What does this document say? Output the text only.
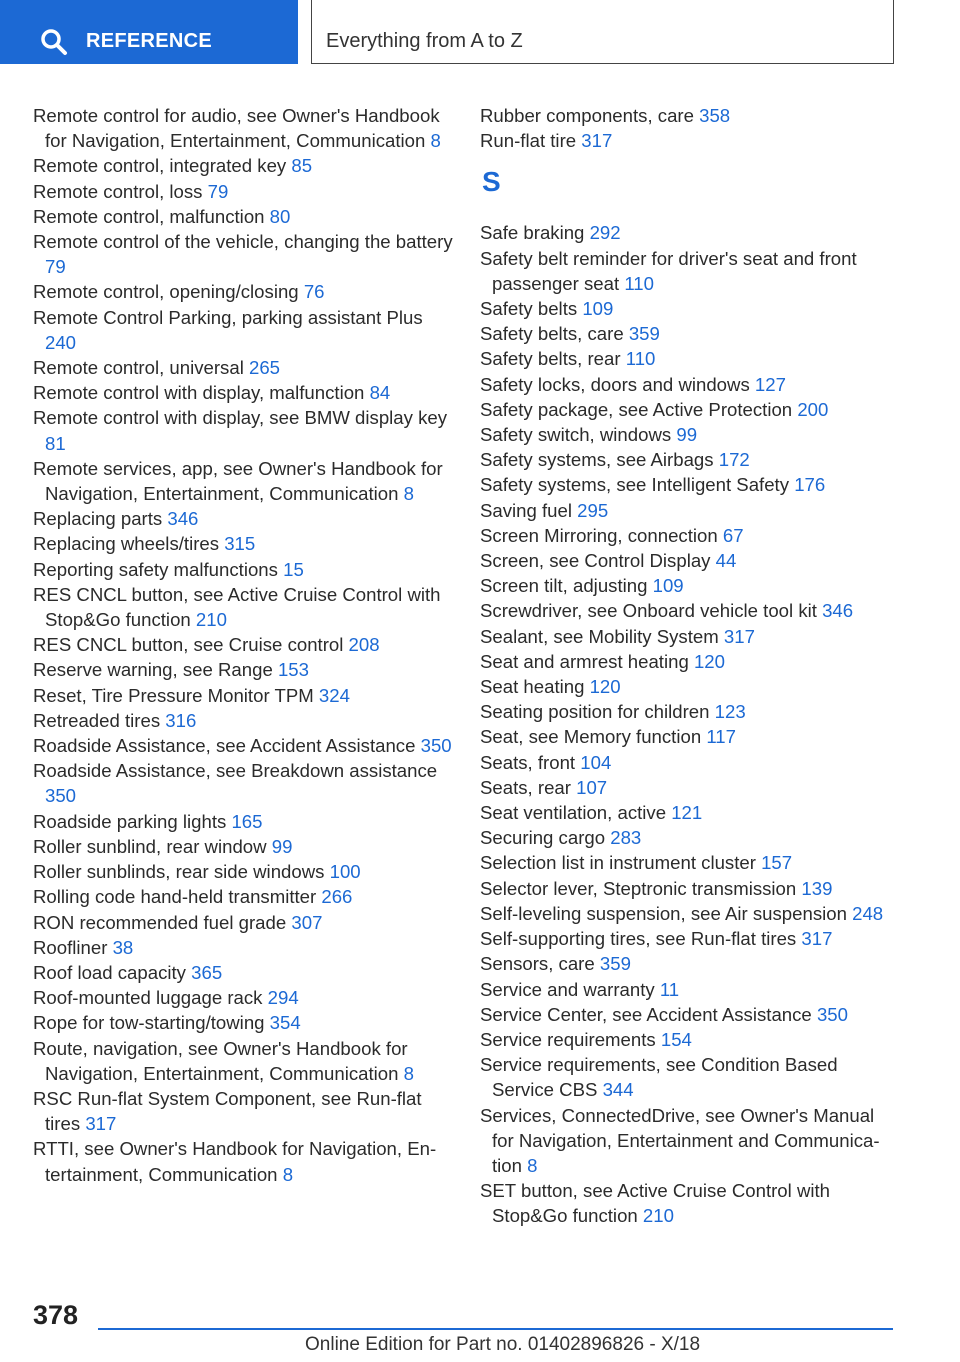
REFERENCE	Everything from A to Z
Remote control for audio, see Owner's Handbook for Navigation, Entertainment, Communication 8
Remote control, integrated key 85
Remote control, loss 79
Remote control, malfunction 80
Remote control of the vehicle, changing the battery 79
Remote control, opening/closing 76
Remote Control Parking, parking assistant Plus 240
Remote control, universal 265
Remote control with display, malfunction 84
Remote control with display, see BMW display key 81
Remote services, app, see Owner's Handbook for Navigation, Entertainment, Communication 8
Replacing parts 346
Replacing wheels/tires 315
Reporting safety malfunctions 15
RES CNCL button, see Active Cruise Control with Stop&Go function 210
RES CNCL button, see Cruise control 208
Reserve warning, see Range 153
Reset, Tire Pressure Monitor TPM 324
Retreaded tires 316
Roadside Assistance, see Accident Assistance 350
Roadside Assistance, see Breakdown assistance 350
Roadside parking lights 165
Roller sunblind, rear window 99
Roller sunblinds, rear side windows 100
Rolling code hand-held transmitter 266
RON recommended fuel grade 307
Roofliner 38
Roof load capacity 365
Roof-mounted luggage rack 294
Rope for tow-starting/towing 354
Route, navigation, see Owner's Handbook for Navigation, Entertainment, Communication 8
RSC Run-flat System Component, see Run-flat tires 317
RTTI, see Owner's Handbook for Navigation, Entertainment, Communication 8
Rubber components, care 358
Run-flat tire 317
S
Safe braking 292
Safety belt reminder for driver's seat and front passenger seat 110
Safety belts 109
Safety belts, care 359
Safety belts, rear 110
Safety locks, doors and windows 127
Safety package, see Active Protection 200
Safety switch, windows 99
Safety systems, see Airbags 172
Safety systems, see Intelligent Safety 176
Saving fuel 295
Screen Mirroring, connection 67
Screen, see Control Display 44
Screen tilt, adjusting 109
Screwdriver, see Onboard vehicle tool kit 346
Sealant, see Mobility System 317
Seat and armrest heating 120
Seat heating 120
Seating position for children 123
Seat, see Memory function 117
Seats, front 104
Seats, rear 107
Seat ventilation, active 121
Securing cargo 283
Selection list in instrument cluster 157
Selector lever, Steptronic transmission 139
Self-leveling suspension, see Air suspension 248
Self-supporting tires, see Run-flat tires 317
Sensors, care 359
Service and warranty 11
Service Center, see Accident Assistance 350
Service requirements 154
Service requirements, see Condition Based Service CBS 344
Services, ConnectedDrive, see Owner's Manual for Navigation, Entertainment and Communication 8
SET button, see Active Cruise Control with Stop&Go function 210
378
Online Edition for Part no. 01402896826 - X/18
